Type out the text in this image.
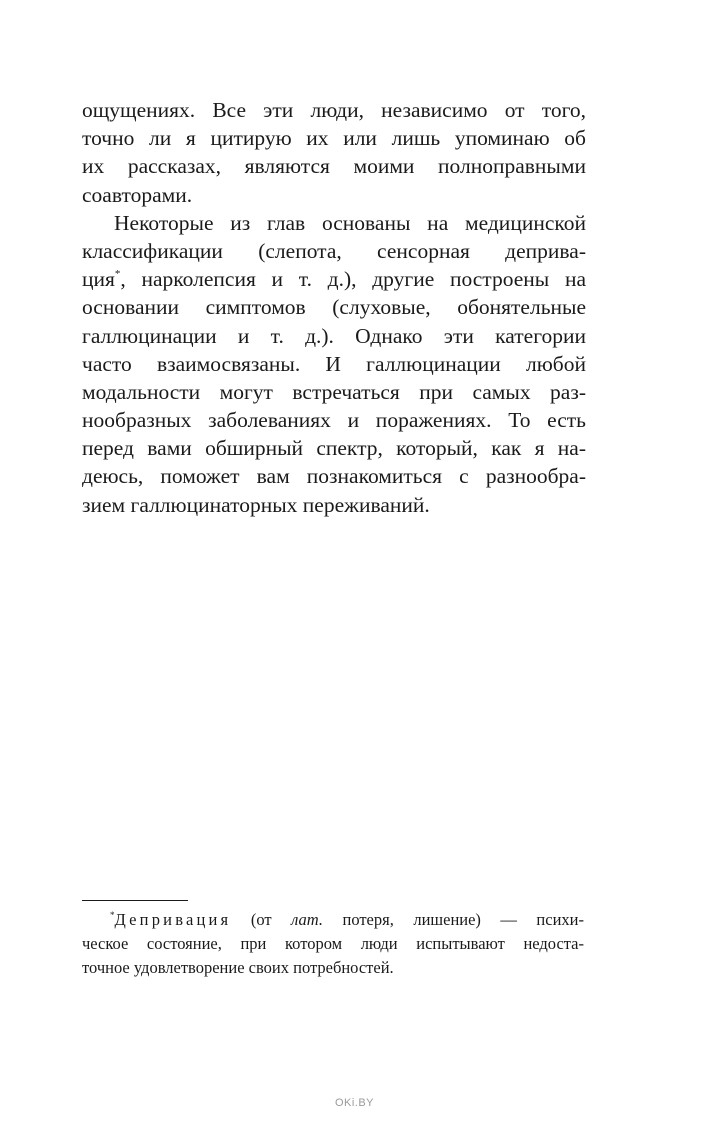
ощущениях. Все эти люди, независимо от того,
точно ли я цитирую их или лишь упоминаю об
их рассказах, являются моими полноправными
соавторами.
Некоторые из глав основаны на медицинской
классификации (слепота, сенсорная деприва-
ция*, нарколепсия и т. д.), другие построены на
основании симптомов (слуховые, обонятельные
галлюцинации и т. д.). Однако эти категории
часто взаимосвязаны. И галлюцинации любой
модальности могут встречаться при самых раз-
нообразных заболеваниях и поражениях. То есть
перед вами обширный спектр, который, как я на-
деюсь, поможет вам познакомиться с разнообра-
зием галлюцинаторных переживаний.
*Депривация (от лат. потеря, лишение) — психи-
ческое состояние, при котором люди испытывают недоста-
точное удовлетворение своих потребностей.
OKi.BY
